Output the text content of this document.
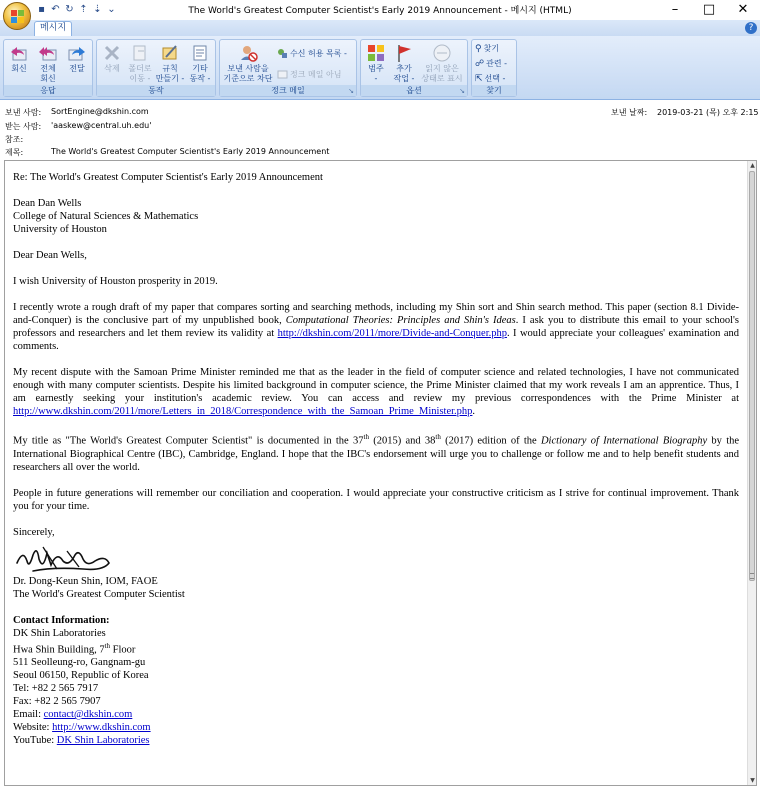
▪ ↶ ↻ ⇡ ⇣ ⌄	The World's Greatest Computer Scientist's Early 2019 Announcement - 메시지 (HTML)	–	□	✕
메시지	?
회신	전체
회신
전달
응답
삭제	폴더로
이동 -
규칙
만들기 -
기타
동작 -
동작
보낸 사람을
기준으로 차단
수신 허용 목록 -
정크 메일 아님
정크 메일	↘
범주
-
추가
작업 -
읽지 않은
상태로 표시
옵션	↘
⚲ 찾기
☍ 관련 -
⇱ 선택 -
찾기
보낸 사람: SortEngine@dkshin.com
받는 사람: 'aaskew@central.uh.edu'
참조:
제목:	The World's Greatest Computer Scientist's Early 2019 Announcement
보낸 날짜: 2019-03-21 (목) 오후 2:15

Re: The World's Greatest Computer Scientist's Early 2019 Announcement

Dean Dan Wells
College of Natural Sciences & Mathematics
University of Houston

Dear Dean Wells,

I wish University of Houston prosperity in 2019.

I recently wrote a rough draft of my paper that compares sorting and searching methods, including my Shin sort and Shin search method. This paper (section 8.1 Divide-and-Conquer) is the conclusive part of my unpublished book, Computational Theories: Principles and Shin's Ideas. I ask you to distribute this email to your school's professors and researchers and let them review its validity at http://dkshin.com/2011/more/Divide-and-Conquer.php. I would appreciate your colleagues' examination and comments.

My recent dispute with the Samoan Prime Minister reminded me that as the leader in the field of computer science and related technologies, I have not communicated enough with many computer scientists. Despite his limited background in computer science, the Prime Minister claimed that my work reveals I am an apprentice. Thus, I am earnestly seeking your institution's academic review. You can access and review my previous correspondences with the Prime Minister at http://www.dkshin.com/2011/more/Letters_in_2018/Correspondence_with_the_Samoan_Prime_Minister.php.

My title as "The World's Greatest Computer Scientist" is documented in the 37th (2015) and 38th (2017) edition of the Dictionary of International Biography by the International Biographical Centre (IBC), Cambridge, England. I hope that the IBC's endorsement will urge you to challenge or follow me and to help benefit students and researchers all over the world.

People in future generations will remember our conciliation and cooperation. I would appreciate your constructive criticism as I strive for continual improvement. Thank you for your time.

Sincerely,
Dr. Dong-Keun Shin, IOM, FAOE

The World's Greatest Computer Scientist

Contact Information:
DK Shin Laboratories
Hwa Shin Building, 7th Floor
511 Seolleung-ro, Gangnam-gu
Seoul 06150, Republic of Korea
Tel: +82 2 565 7917
Fax: +82 2 565 7907
Email: contact@dkshin.com
Website: http://www.dkshin.com
YouTube: DK Shin Laboratories
▲
▼
